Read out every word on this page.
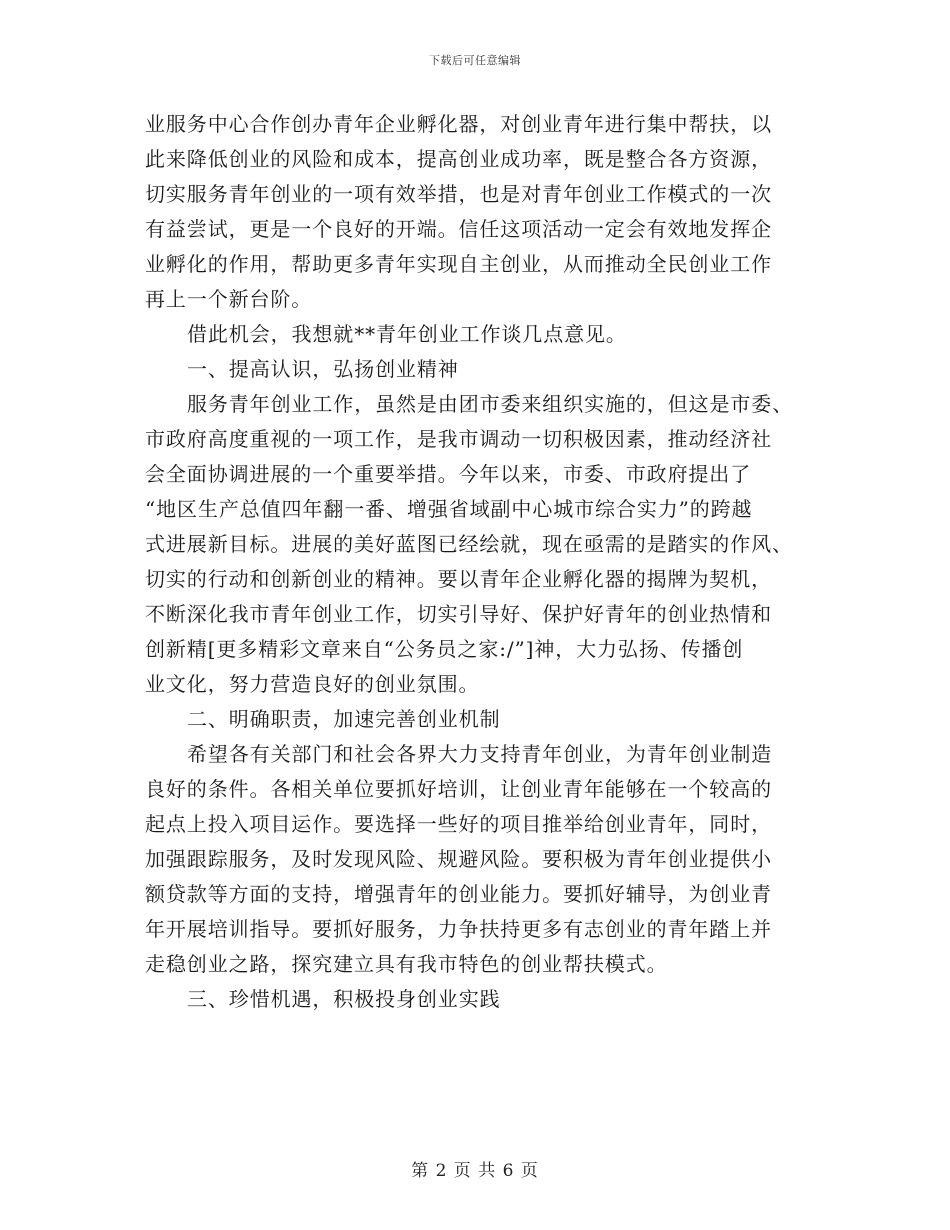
下载后可任意编辑
业服务中心合作创办青年企业孵化器，对创业青年进行集中帮扶，以
此来降低创业的风险和成本，提高创业成功率，既是整合各方资源，
切实服务青年创业的一项有效举措，也是对青年创业工作模式的一次
有益尝试，更是一个良好的开端。信任这项活动一定会有效地发挥企
业孵化的作用，帮助更多青年实现自主创业，从而推动全民创业工作
再上一个新台阶。
借此机会，我想就**青年创业工作谈几点意见。
一、提高认识，弘扬创业精神
服务青年创业工作，虽然是由团市委来组织实施的，但这是市委、
市政府高度重视的一项工作，是我市调动一切积极因素，推动经济社
会全面协调进展的一个重要举措。今年以来，市委、市政府提出了
“地区生产总值四年翻一番、增强省域副中心城市综合实力”的跨越
式进展新目标。进展的美好蓝图已经绘就，现在亟需的是踏实的作风、
切实的行动和创新创业的精神。要以青年企业孵化器的揭牌为契机，
不断深化我市青年创业工作，切实引导好、保护好青年的创业热情和
创新精[更多精彩文章来自“公务员之家:/”]神，大力弘扬、传播创
业文化，努力营造良好的创业氛围。
二、明确职责，加速完善创业机制
希望各有关部门和社会各界大力支持青年创业，为青年创业制造
良好的条件。各相关单位要抓好培训，让创业青年能够在一个较高的
起点上投入项目运作。要选择一些好的项目推举给创业青年，同时，
加强跟踪服务，及时发现风险、规避风险。要积极为青年创业提供小
额贷款等方面的支持，增强青年的创业能力。要抓好辅导，为创业青
年开展培训指导。要抓好服务，力争扶持更多有志创业的青年踏上并
走稳创业之路，探究建立具有我市特色的创业帮扶模式。
三、珍惜机遇，积极投身创业实践
第 2 页 共 6 页
